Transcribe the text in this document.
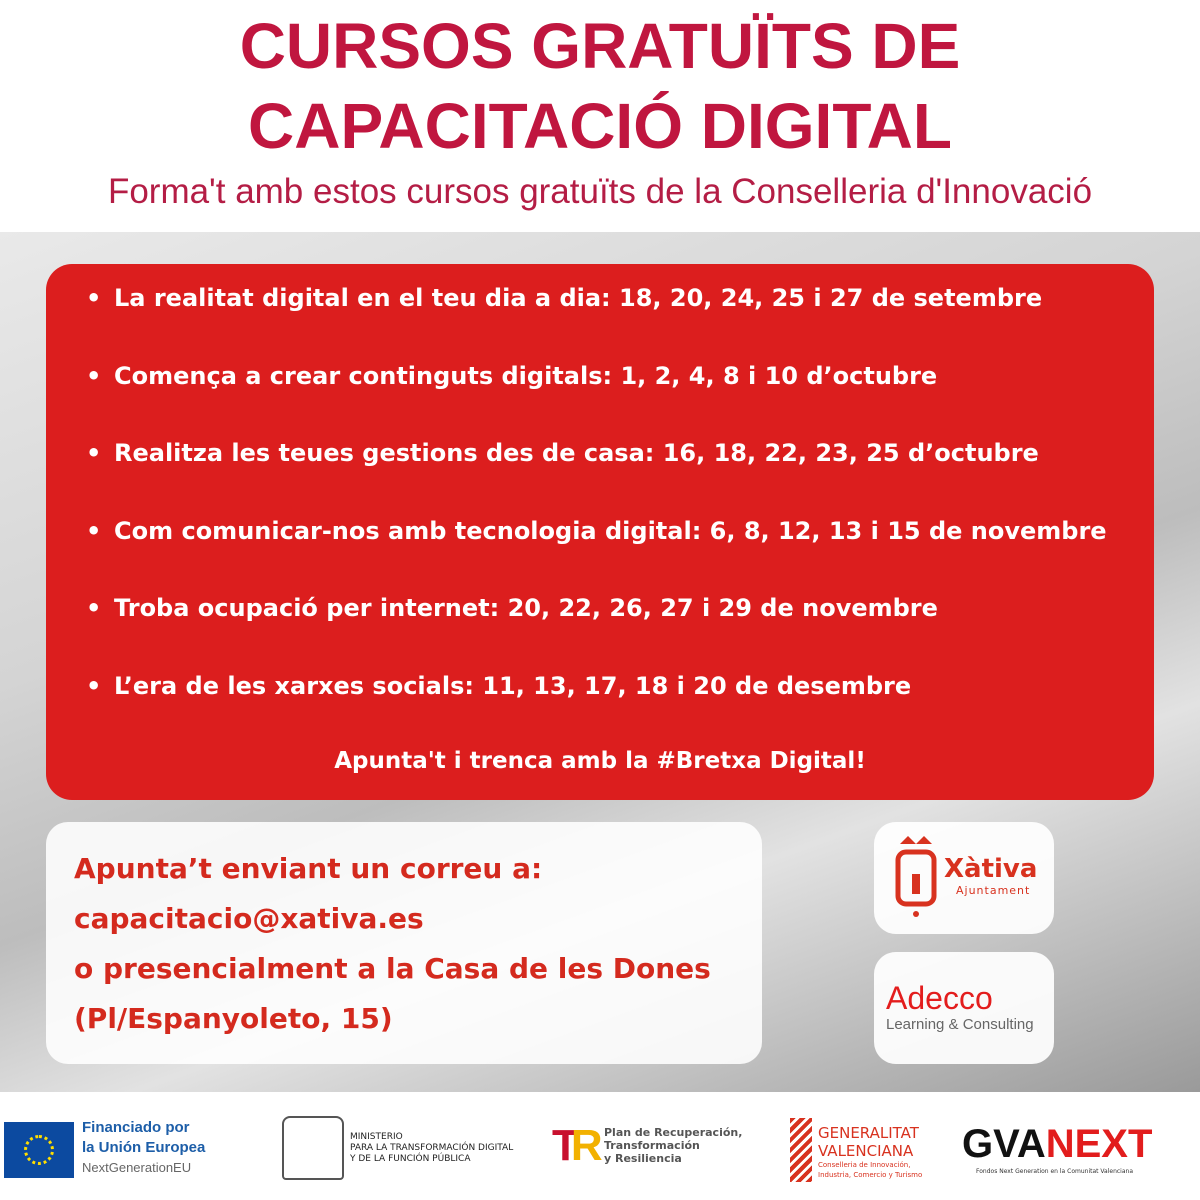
CURSOS GRATUÏTS DE
CAPACITACIÓ DIGITAL
Forma't amb estos cursos gratuïts de la Conselleria d'Innovació
• La realitat digital en el teu dia a dia: 18, 20, 24, 25 i 27 de setembre
• Comença a crear continguts digitals: 1, 2, 4, 8 i 10 d’octubre
• Realitza les teues gestions des de casa: 16, 18, 22, 23, 25 d’octubre
• Com comunicar-nos amb tecnologia digital: 6, 8, 12, 13 i 15 de novembre
• Troba ocupació per internet: 20, 22, 26, 27 i 29 de novembre
• L’era de les xarxes socials: 11, 13, 17, 18 i 20 de desembre
Apunta't i trenca amb la #Bretxa Digital!
Apunta’t enviant un correu a:
capacitacio@xativa.es
o presencialment a la Casa de les Dones
(Pl/Espanyoleto, 15)
Xàtiva
Ajuntament
Adecco
Learning & Consulting
Financiado por
la Unión Europea
NextGenerationEU
MINISTERIO
PARA LA TRANSFORMACIÓN DIGITAL
Y DE LA FUNCIÓN PÚBLICA	TR Plan de Recuperación,
Transformación
y Resiliencia
GENERALITAT
VALENCIANA
Conselleria de Innovación,
Industria, Comercio y Turismo
GVANEXT
Fondos Next Generation en la Comunitat Valenciana
